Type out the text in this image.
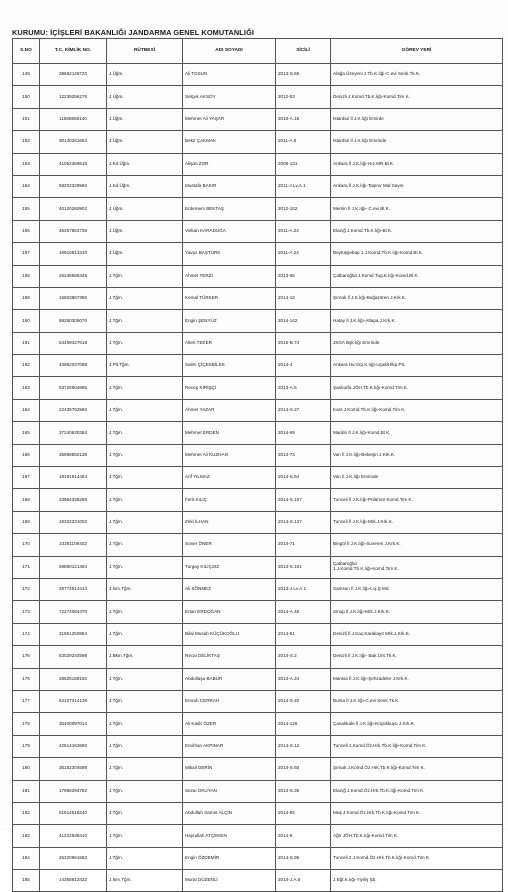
KURUMU: İÇİŞLERİ BAKANLIĞI JANDARMA GENEL KOMUTANLIĞI
S.NO	T.C. KİMLİK NO.	RÜTBESİ	ADI SOYADI	SİCİLİ	GÖREV YERİ
149	38662146720	J.Üğm.	Ali TOSUN	2013-S.65	Alağa Üzeyeni J.Tb.K.lığı-C.evi Senk.Tk.K.
150	12239256276	J.Üğm.	Selçuk AKSOY	2012-53	Denizli J.Komd.Tb.K.lığı-Komd.Tim K.
151	11568858140	J.Üğm.	Mehmet Ali YAŞAR	2010-A.15	İstanbul İl J.K.lığı Emirde
152	30140281664	J.Üğm.	Bekir ÇAKMAK	2011-A.8	İstanbul İl J.K.lığı Emrinde
153	41052369518	J.Kd.Üğm.	Alişan ZOR	2008-131	Ankara İl J.K.lığı-Hız.MR.Bl.K.
154	58202329560	J.Kd.Üğm.	Mustafa BAKIR	2011-J.Lv.A.1	Ankara İl J.K.lığı-Taşınır Mal Saym.
155	40120260902	J.Üğm.	Erdemem BEKTAŞ	2012-102	Mersin İl J.K.lığı- C.evi Bl.K.
156	45457863738	J.Üğm.	Volkan KARADUĞA	2011-A.24	Elazığ J.Komd.Tb.K.lığı-Bl.K.
157	16916913310	J.Üğm.	Yavuz BAŞTÜRK	2011-A.24	Beytüşşebap 1.J.Komd.Tb.K.lığı-Komd.Bl.K.
158	26246585448	J.Tğm.	Ahmet TERZİ	2013-65	Çatbaroğlut J.Komd.Tug.K.lığı-Komd.Bl.K.
159	15603867390	J.Tğm.	Kemal TÜRKER	2014-12	Şırnak İl J.K.lığı-Boğazören J.Krk.K.
160	58260305070	J.Tğm.	Engin ŞENYÜZ	2014-142	Hatay İl J.K.lığı-Altapa J.Krk.K.
161	54469427618	J.Tğm.	Alten TEKER	2015-B.74	JSGA Bşk.lığı Emrinde
162	43962037088	J.Plt.Tğm.	Salim ÇİÇEKBİLEK	2014-4	Ankara Hv.Grp.K.lığı-Uçak/Hlkp.Plt.
163	53726604885	J.Tğm.	Recep KİRİŞÇİ	2013-A.5	Şanlıurfa JÖH.Tb.K.lığı-Komd.Tim K.
164	22435762560	J.Tğm.	Ahmet YAZAR	2014-S.27	Kars J.Komd.Tb.K.lığı-Komd.Tim K.
165	37240630384	J.Tğm.	Mehmet ERDEN	2014-69	Mardin İl J.K.lığı-Komd.Bl.K.
166	35998550136	J.Tğm.	Mehmet Ali KUZHAN	2014-73	Van İl J.K.lığı-Bebeşin J.Krk.K.
167	18181914464	J.Tğm.	Arif YILMAZ	2014-S.54	Van İl J.K.lığı Emrinde
168	33984336288	J.Tğm.	Ferit KILIÇ	2014-S.107	Tunceli İl J.K.lığı-Pülümür Komd.Tim K.
169	18322231002	J.Tğm.	Zeki İLHAN	2014-S.137	Tunceli İl J.K.lığı-Mrk.J.Krk.K.
170	23261108402	J.Tğm.	Soner ÖNER	2014-71	Bingöl İl J.K.lığı-Suveren J.Krk.K.
171	59860121394	J.Tğm.	Turgay KILIÇSIZ	2014-S.101	Çatbaroğlut
1.J.Komd.Tb.K.lığı-Komd.Tim K.

172	28774514414	J.İsm.Tğm.	Ali SÖNMEZ	2013-J.Lv.A.1	Samsun İl J.K.lığı-Loj.Ş.Md.
173	72274084470	J.Tğm.	Ertan ERDOĞAN	2014-A.46	Sinop İl J.K.lığı-Mrk.J.Krk.K.
174	31951250884	J.Tğm.	Bilal Musab KÜÇÜKOĞLU	2014-81	Denizli İl J.Kaç.Karakayıt Mrk.J.Krk.K.
175	53029244598	J.Bkm.Tğm.	Recai DELİKTAŞ	2014-S.2	Denizli İl J.K.lığı- Bak.Ünt.Tk.K.
176	28625158150	J.Tğm.	Abdullaşa BABUR	2014-A.24	Manisa İl J.K.lığı-Şehzadeler J.Krk.K.
177	62107314138	J.Tğm.	Emrah CERRAH	2014-S.40	Bursa İl J.K.lığı-C.evi Senk.Tk.K.
178	30400097014	J.Tğm.	Ali Kadir ÖZER	2014-126	Çanakkale İl J.K.lığı-Küçükkuyu J.Krk.K.
179	42614163690	J.Tğm.	Emirhan AKPINAR	2014-S.12	Tunceli 1.Komd.Öz.Hrk.Tb.K.lığı-Komd.Tim K.
180	35182304698	J.Tğm.	Mikail DERİN	2014-S.60	Şırnak J.Komd.Öz.Hrk.Tb.K.lığı-Komd.Tim K.
181	17988294782	J.Tğm.	Sezai OKUYAN	2014-S.35	Elazığ J.Komd.Öz.Hrk.Tb.K.lığı-Komd.Tim K.
182	51514518240	J.Tğm.	Abdullah Samet ALÇIN	2014-82	Muş J.Komd.Öz.Hrk.Tb.K.lığı-Komd.Tim K.
183	41222938410	J.Tğm.	Hayrullah ATÇEKEN	2014-5	Ağrı JÖH.Tb.K.lığı-Komd.Tim K.
184	25320961582	J.Tğm.	Engin ÖZDEMİR	2014-S.95	Tunceli 2.J.Komd.Öz.Hrk.Tb.K.lığı-Komd.Tim K.
185	14368813432	J.İsm.Tğm.	Murat DÜZENLİ	2014-J.A.6	J.Eğt.K.lığı-Yiyiliş Şb.
